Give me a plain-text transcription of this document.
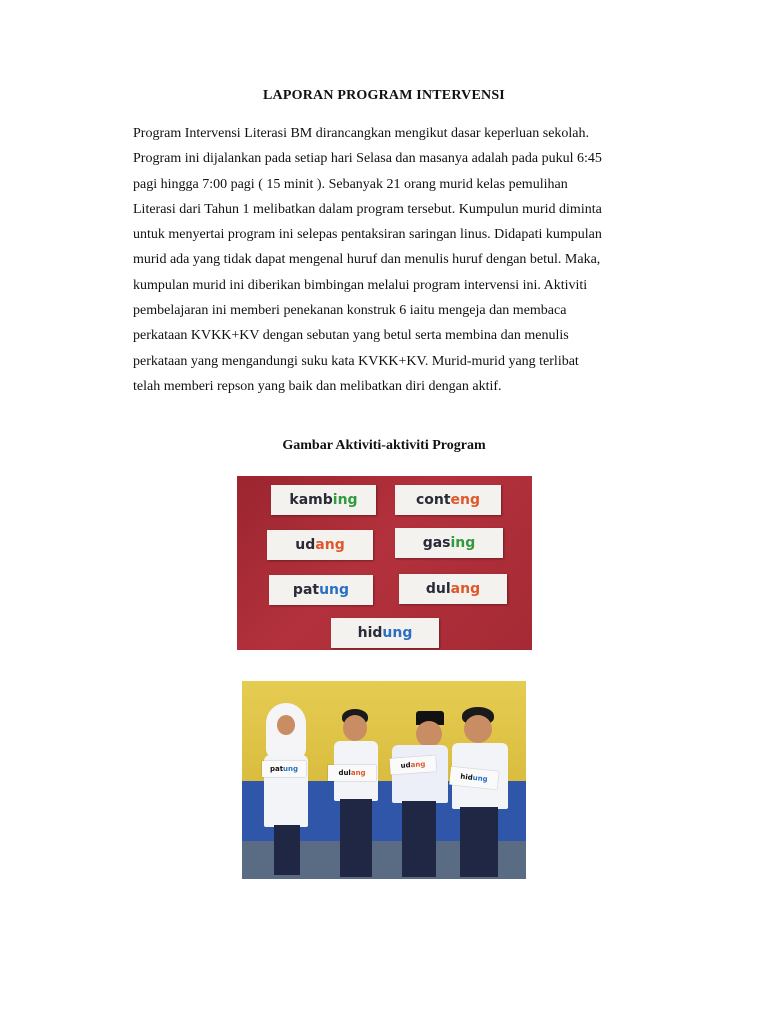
LAPORAN PROGRAM INTERVENSI
Program Intervensi Literasi BM dirancangkan mengikut dasar keperluan sekolah.
Program ini dijalankan pada setiap hari Selasa dan masanya adalah pada pukul 6:45
pagi hingga 7:00 pagi ( 15 minit ). Sebanyak 21 orang murid kelas pemulihan
Literasi dari Tahun 1 melibatkan dalam program tersebut. Kumpulun murid diminta
untuk menyertai program ini selepas pentaksiran saringan linus. Didapati kumpulan
murid ada yang tidak dapat mengenal huruf dan menulis huruf dengan betul. Maka,
kumpulan murid ini diberikan bimbingan melalui program intervensi ini. Aktiviti
pembelajaran ini memberi penekanan konstruk 6 iaitu mengeja dan membaca
perkataan KVKK+KV dengan sebutan yang betul serta membina dan menulis
perkataan yang mengandungi suku kata KVKK+KV. Murid-murid yang terlibat
telah memberi repson yang baik dan melibatkan diri dengan aktif.
Gambar Aktiviti-aktiviti Program
kamb ing	cont eng
ud ang	gas ing
pat ung	dul ang
hid ung
pat ung	dul ang
ud ang
hid ung
